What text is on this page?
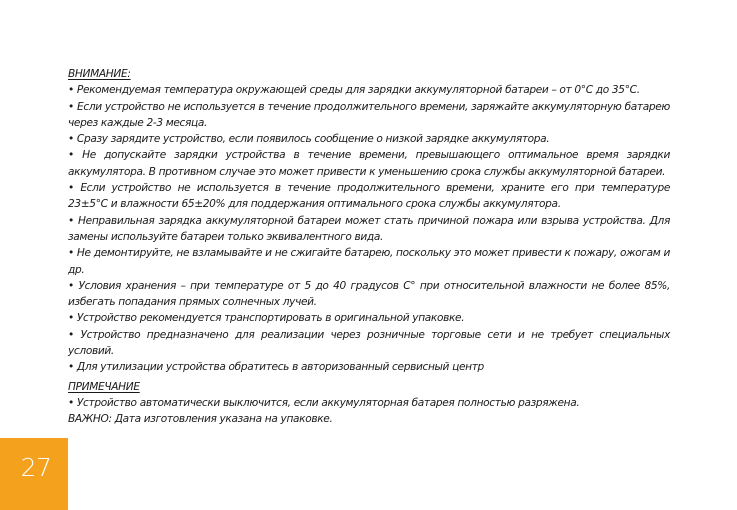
ВНИМАНИЕ:
• Рекомендуемая температура окружающей среды для зарядки аккумуляторной батареи – от 0°C до 35°C.
• Если устройство не используется в течение продолжительного времени, заряжайте аккумуляторную батарею через каждые 2-3 месяца.
• Сразу зарядите устройство, если появилось сообщение о низкой зарядке аккумулятора.
• Не допускайте зарядки устройства в течение времени, превышающего оптимальное время зарядки аккумулятора. В противном случае это может привести к уменьшению срока службы аккумуляторной батареи.
• Если устройство не используется в течение продолжительного времени, храните его при температуре 23±5°C и влажности 65±20% для поддержания оптимального срока службы аккумулятора.
• Неправильная зарядка аккумуляторной батареи может стать причиной пожара или взрыва устройства. Для замены используйте батареи только эквивалентного вида.
• Не демонтируйте, не взламывайте и не сжигайте батарею, поскольку это может привести к пожару, ожогам и др.
• Условия хранения – при температуре от 5 до 40 градусов С° при относительной влажности не более 85%, избегать попадания прямых солнечных лучей.
• Устройство рекомендуется транспортировать в оригинальной упаковке.
• Устройство предназначено для реализации через розничные торговые сети и не требует специальных условий.
• Для утилизации устройства обратитесь в авторизованный сервисный центр
ПРИМЕЧАНИЕ
• Устройство автоматически выключится, если аккумуляторная батарея полностью разряжена.
ВАЖНО: Дата изготовления указана на упаковке.
27
